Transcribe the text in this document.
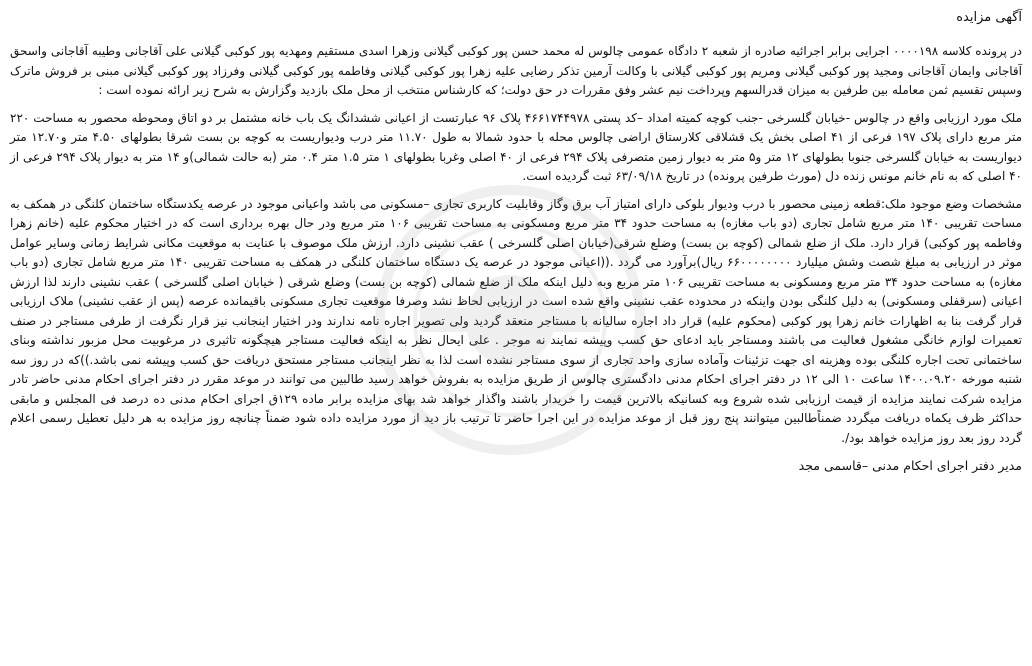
آگهی مزایده

در پرونده کلاسه ۰۰۰۰۱۹۸ اجرایی برابر اجرائیه صادره از شعبه ۲ دادگاه عمومی چالوس له محمد حسن پور کوکبی گیلانی وزهرا اسدی مستقیم ومهدیه پور کوکبی گیلانی علی آقاجانی وطیبه آقاجانی واسحق آقاجانی وایمان آقاجانی ومجید پور کوکبی گیلانی ومریم پور کوکبی گیلانی با وکالت آرمین تذکر رضایی علیه زهرا پور کوکبی گیلانی وفاطمه پور کوکبی گیلانی وفرزاد پور کوکبی گیلانی مبنی بر فروش ماترک وسپس تقسیم ثمن معامله بین طرفین به میزان قدرالسهم وپرداخت نیم عشر وفق مقررات در حق دولت؛ که کارشناس منتخب از محل ملک بازدید وگزارش به شرح زیر ارائه نموده است :

ملک مورد ارزیابی واقع در چالوس -خیابان گلسرخی -جنب کوچه کمیته امداد –کد پستی ۴۶۶۱۷۴۴۹۷۸ پلاک ۹۶ عبارتست از اعیانی ششدانگ یک باب خانه مشتمل بر دو اتاق ومحوطه محصور به مساحت ۲۲۰ متر مربع دارای پلاک ۱۹۷ فرعی از ۴۱ اصلی بخش یک قشلاقی کلارستاق اراضی چالوس محله با حدود شمالا به طول ۱۱.۷۰ متر درب ودیواریست به کوچه بن بست شرقا بطولهای ۴.۵۰ متر و۱۲.۷۰ متر دیواریست به خیابان گلسرخی جنوبا بطولهای ۱۲ متر و۵ متر به دیوار زمین متصرفی پلاک ۲۹۴ فرعی از ۴۰ اصلی وغربا بطولهای ۱ متر ۱.۵ متر ۰.۴ متر (به حالت شمالی)و ۱۴ متر به دیوار پلاک ۲۹۴ فرعی از ۴۰ اصلی که به نام خانم مونس زنده دل (مورث طرفین پرونده) در تاریخ ۶۳/۰۹/۱۸ ثبت گردیده است.

مشخصات وضع موجود ملک:قطعه زمینی محصور با درب ودیوار بلوکی دارای امتیاز آب برق وگاز وقابلیت کاربری تجاری –مسکونی می باشد واعیانی موجود در عرصه یکدستگاه ساختمان کلنگی در همکف به مساحت تقریبی ۱۴۰ متر مربع شامل تجاری (دو باب مغازه) به مساحت حدود ۳۴ متر مربع ومسکونی به مساحت تقریبی ۱۰۶ متر مربع ودر حال بهره برداری است که در اختیار محکوم علیه (خانم زهرا وفاطمه پور کوکبی) قرار دارد. ملک از ضلع شمالی (کوچه بن بست) وضلع شرقی(خیابان اصلی گلسرخی ) عقب نشینی دارد. ارزش ملک موصوف با عنایت به موقعیت مکانی شرایط زمانی وسایر عوامل موثر در ارزیابی به مبلغ شصت وشش میلیارد ۶۶۰۰۰۰۰۰۰۰ ریال)برآورد می گردد .((اعیانی موجود در عرصه یک دستگاه ساختمان کلنگی در همکف به مساحت تقریبی ۱۴۰ متر مربع شامل تجاری (دو باب مغازه) به مساحت حدود ۳۴ متر مربع ومسکونی به مساحت تقریبی ۱۰۶ متر مربع وبه دلیل اینکه ملک از ضلع شمالی (کوچه بن بست) وضلع شرقی ( خیابان اصلی گلسرخی ) عقب نشینی دارند لذا ارزش اعیانی (سرقفلی ومسکونی) به دلیل کلنگی بودن واینکه در محدوده عقب نشینی واقع شده است در ارزیابی لحاظ نشد وصرفا موقعیت تجاری مسکونی باقیمانده عرصه (پس از عقب نشینی) ملاک ارزیابی قرار گرفت بنا به اظهارات خانم زهرا پور کوکبی (محکوم علیه) قرار داد اجاره سالیانه با مستاجر منعقد گردید ولی تصویر اجاره نامه ندارند ودر اختیار اینجانب نیز قرار نگرفت از طرفی مستاجر در صنف تعمیرات لوازم خانگی مشغول فعالیت می باشند ومستاجر باید ادعای حق کسب وپیشه نمایند نه موجر . علی ایحال نظر به اینکه فعالیت مستاجر هیچگونه تاثیری در مرغوبیت محل مزبور نداشته وبنای ساختمانی تحت اجاره کلنگی بوده وهزینه ای جهت تزئینات وآماده سازی واحد تجاری از سوی مستاجر نشده است لذا به نظر اینجانب مستاجر مستحق دریافت حق کسب وپیشه نمی باشد.))که در روز سه شنبه مورخه ۱۴۰۰.۰۹.۲۰ ساعت ۱۰ الی ۱۲ در دفتر اجرای احکام مدنی دادگستری چالوس از طریق مزایده به بفروش خواهد رسید طالبین می توانند در موعد مقرر در دفتر اجرای احکام مدنی حاضر تادر مزایده شرکت نمایند مزایده از قیمت ارزیابی شده شروع وبه کسانیکه بالاترین قیمت را خریدار باشند واگذار خواهد شد بهای مزایده برابر ماده ۱۲۹ق اجرای احکام مدنی ده درصد فی المجلس و مابقی حداکثر ظرف یکماه دریافت میگردد ضمناًطالبین میتوانند پنج روز قبل از موعد مزایده در این اجرا حاضر تا ترتیب باز دید از مورد مزایده داده شود ضمناً چنانچه روز مزایده به هر دلیل تعطیل رسمی اعلام گردد روز بعد روز مزایده خواهد بود/.

مدیر دفتر اجرای احکام مدنی –قاسمی مجد
